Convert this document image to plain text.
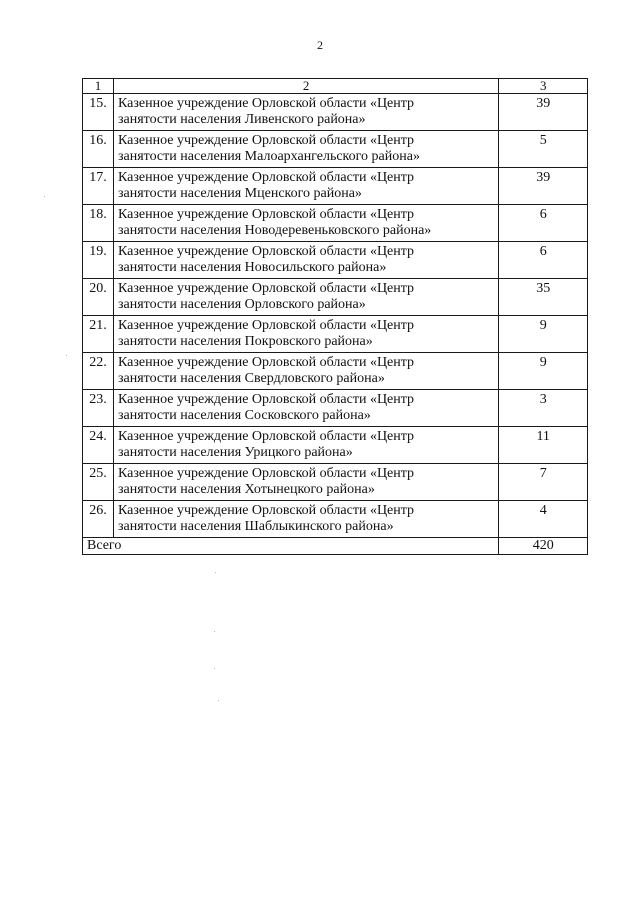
2
1	2	3
15.	Казенное учреждение Орловской области «Центр
занятости населения Ливенского района»	39
16.	Казенное учреждение Орловской области «Центр
занятости населения Малоархангельского района»	5
17.	Казенное учреждение Орловской области «Центр
занятости населения Мценского района»	39
18.	Казенное учреждение Орловской области «Центр
занятости населения Новодеревеньковского района»	6
19.	Казенное учреждение Орловской области «Центр
занятости населения Новосильского района»	6
20.	Казенное учреждение Орловской области «Центр
занятости населения Орловского района»	35
21.	Казенное учреждение Орловской области «Центр
занятости населения Покровского района»	9
22.	Казенное учреждение Орловской области «Центр
занятости населения Свердловского района»	9
23.	Казенное учреждение Орловской области «Центр
занятости населения Сосковского района»	3
24.	Казенное учреждение Орловской области «Центр
занятости населения Урицкого района»	11
25.	Казенное учреждение Орловской области «Центр
занятости населения Хотынецкого района»	7
26.	Казенное учреждение Орловской области «Центр
занятости населения Шаблыкинского района»	4
Всего		420
